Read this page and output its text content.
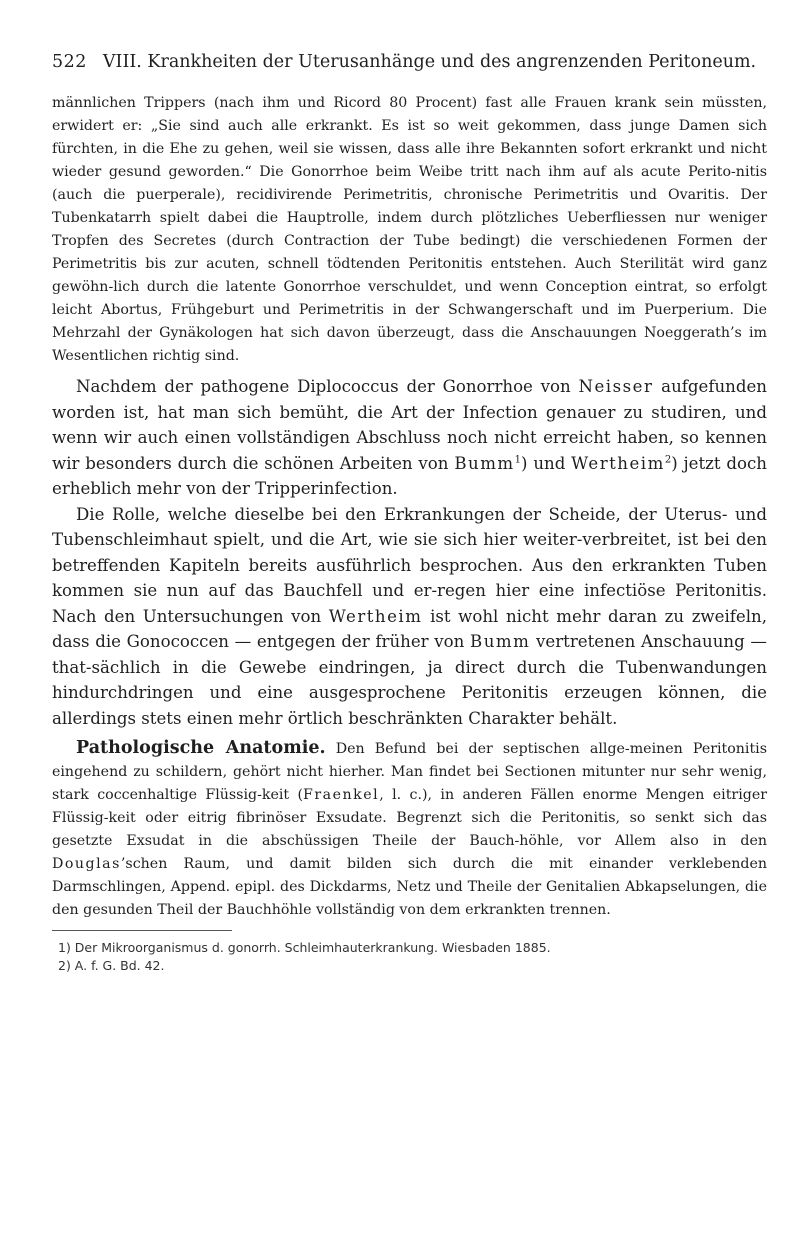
522 VIII. Krankheiten der Uterusanhänge und des angrenzenden Peritoneum.

männlichen Trippers (nach ihm und Ricord 80 Procent) fast alle Frauen krank sein müssten, erwidert er: „Sie sind auch alle erkrankt. Es ist so weit gekommen, dass junge Damen sich fürchten, in die Ehe zu gehen, weil sie wissen, dass alle ihre Bekannten sofort erkrankt und nicht wieder gesund geworden.“ Die Gonorrhoe beim Weibe tritt nach ihm auf als acute Perito-nitis (auch die puerperale), recidivirende Perimetritis, chronische Perimetritis und Ovaritis. Der Tubenkatarrh spielt dabei die Hauptrolle, indem durch plötzliches Ueberfliessen nur weniger Tropfen des Secretes (durch Contraction der Tube bedingt) die verschiedenen Formen der Perimetritis bis zur acuten, schnell tödtenden Peritonitis entstehen. Auch Sterilität wird ganz gewöhn-lich durch die latente Gonorrhoe verschuldet, und wenn Conception eintrat, so erfolgt leicht Abortus, Frühgeburt und Perimetritis in der Schwangerschaft und im Puerperium. Die Mehrzahl der Gynäkologen hat sich davon überzeugt, dass die Anschauungen Noeggerath’s im Wesentlichen richtig sind.

Nachdem der pathogene Diplococcus der Gonorrhoe von Neisser aufgefunden worden ist, hat man sich bemüht, die Art der Infection genauer zu studiren, und wenn wir auch einen vollständigen Abschluss noch nicht erreicht haben, so kennen wir besonders durch die schönen Arbeiten von Bumm$^1$) und Wertheim$^2$) jetzt doch erheblich mehr von der Tripperinfection.

Die Rolle, welche dieselbe bei den Erkrankungen der Scheide, der Uterus- und Tubenschleimhaut spielt, und die Art, wie sie sich hier weiter-verbreitet, ist bei den betreffenden Kapiteln bereits ausführlich besprochen. Aus den erkrankten Tuben kommen sie nun auf das Bauchfell und er-regen hier eine infectiöse Peritonitis. Nach den Untersuchungen von Wertheim ist wohl nicht mehr daran zu zweifeln, dass die Gonococcen — entgegen der früher von Bumm vertretenen Anschauung — that-sächlich in die Gewebe eindringen, ja direct durch die Tubenwandungen hindurchdringen und eine ausgesprochene Peritonitis erzeugen können, die allerdings stets einen mehr örtlich beschränkten Charakter behält.

Pathologische Anatomie. Den Befund bei der septischen allge-meinen Peritonitis eingehend zu schildern, gehört nicht hierher. Man findet bei Sectionen mitunter nur sehr wenig, stark coccenhaltige Flüssig-keit (Fraenkel, l. c.), in anderen Fällen enorme Mengen eitriger Flüssig-keit oder eitrig fibrinöser Exsudate. Begrenzt sich die Peritonitis, so senkt sich das gesetzte Exsudat in die abschüssigen Theile der Bauch-höhle, vor Allem also in den Douglas’schen Raum, und damit bilden sich durch die mit einander verklebenden Darmschlingen, Append. epipl. des Dickdarms, Netz und Theile der Genitalien Abkapselungen, die den gesunden Theil der Bauchhöhle vollständig von dem erkrankten trennen.

1) Der Mikroorganismus d. gonorrh. Schleimhauterkrankung. Wiesbaden 1885.

2) A. f. G. Bd. 42.
